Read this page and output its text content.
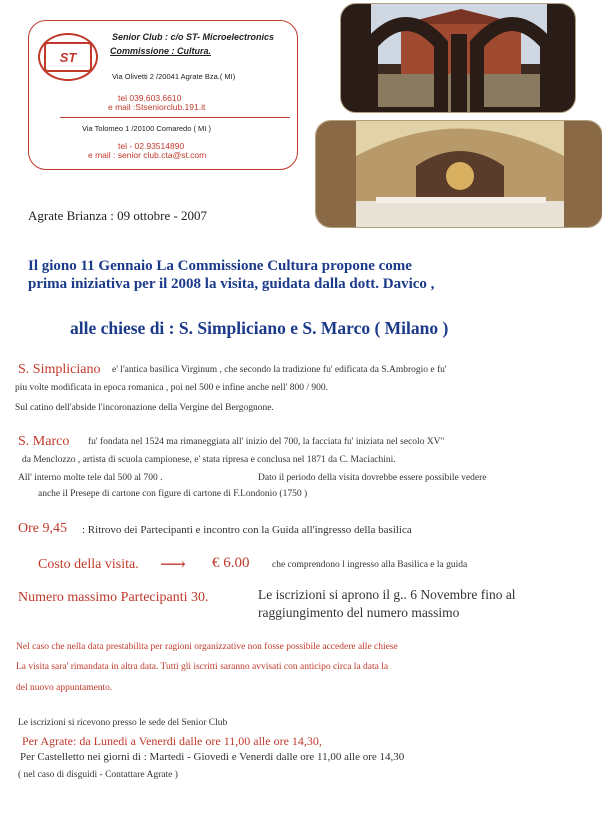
ST
Senior Club : c/o ST- Microelectronics
Commissione : Cultura.
Via Olivetti 2 /20041 Agrate Bza.( MI)
tel 039.603.6610
e mail :Stseniorclub.191.it
Via Tolomeo 1 /20100 Comaredo ( MI )
tel - 02.93514890
e mail : senior club.cta@st.com
Agrate Brianza : 09 ottobre - 2007
Il giono 11 Gennaio La Commissione Cultura propone come
prima iniziativa per il 2008 la visita, guidata dalla dott. Davico ,
alle chiese di : S. Simpliciano e S. Marco ( Milano )
S. Simpliciano e' l'antica basilica Virginum , che secondo la tradizione fu' edificata da S.Ambrogio e fu'
piu volte modificata in epoca romanica , poi nel 500 e infine anche nell' 800 / 900.
Sul catino dell'abside l'incoronazione della Vergine del Bergognone.
S. Marco fu' fondata nel 1524 ma rimaneggiata all' inizio del 700, la facciata fu' iniziata nel secolo XV"
da Menclozzo , artista di scuola campionese, e' stata ripresa e conclusa nel 1871 da C. Maciachini.
All' interno molte tele dal 500 al 700 .	Dato il periodo della visita dovrebbe essere possibile vedere
anche il Presepe di cartone con figure di cartone di F.Londonio (1750 )
Ore 9,45 : Ritrovo dei Partecipanti e incontro con la Guida all'ingresso della basilica
Costo della visita. ⟶ € 6.00 che comprendono l ingresso alla Basilica e la guida
Numero massimo Partecipanti 30.	Le iscrizioni si aprono il g.. 6 Novembre fino al
raggiungimento del numero massimo
Nel caso che nella data prestabilita per ragioni organizzative non fosse possibile accedere alle chiese
La visita sara' rimandata in altra data. Tutti gli iscritti saranno avvisati con anticipo circa la data la
del nuovo appuntamento.
Le iscrizioni si ricevono presso le sede del Senior Club
Per Agrate: da Lunedi a Venerdi dalle ore 11,00 alle ore 14,30,
Per Castelletto nei giorni di : Martedi - Giovedi e Venerdi dalle ore 11,00 alle ore 14,30
( nel caso di disguidi - Contattare Agrate )
